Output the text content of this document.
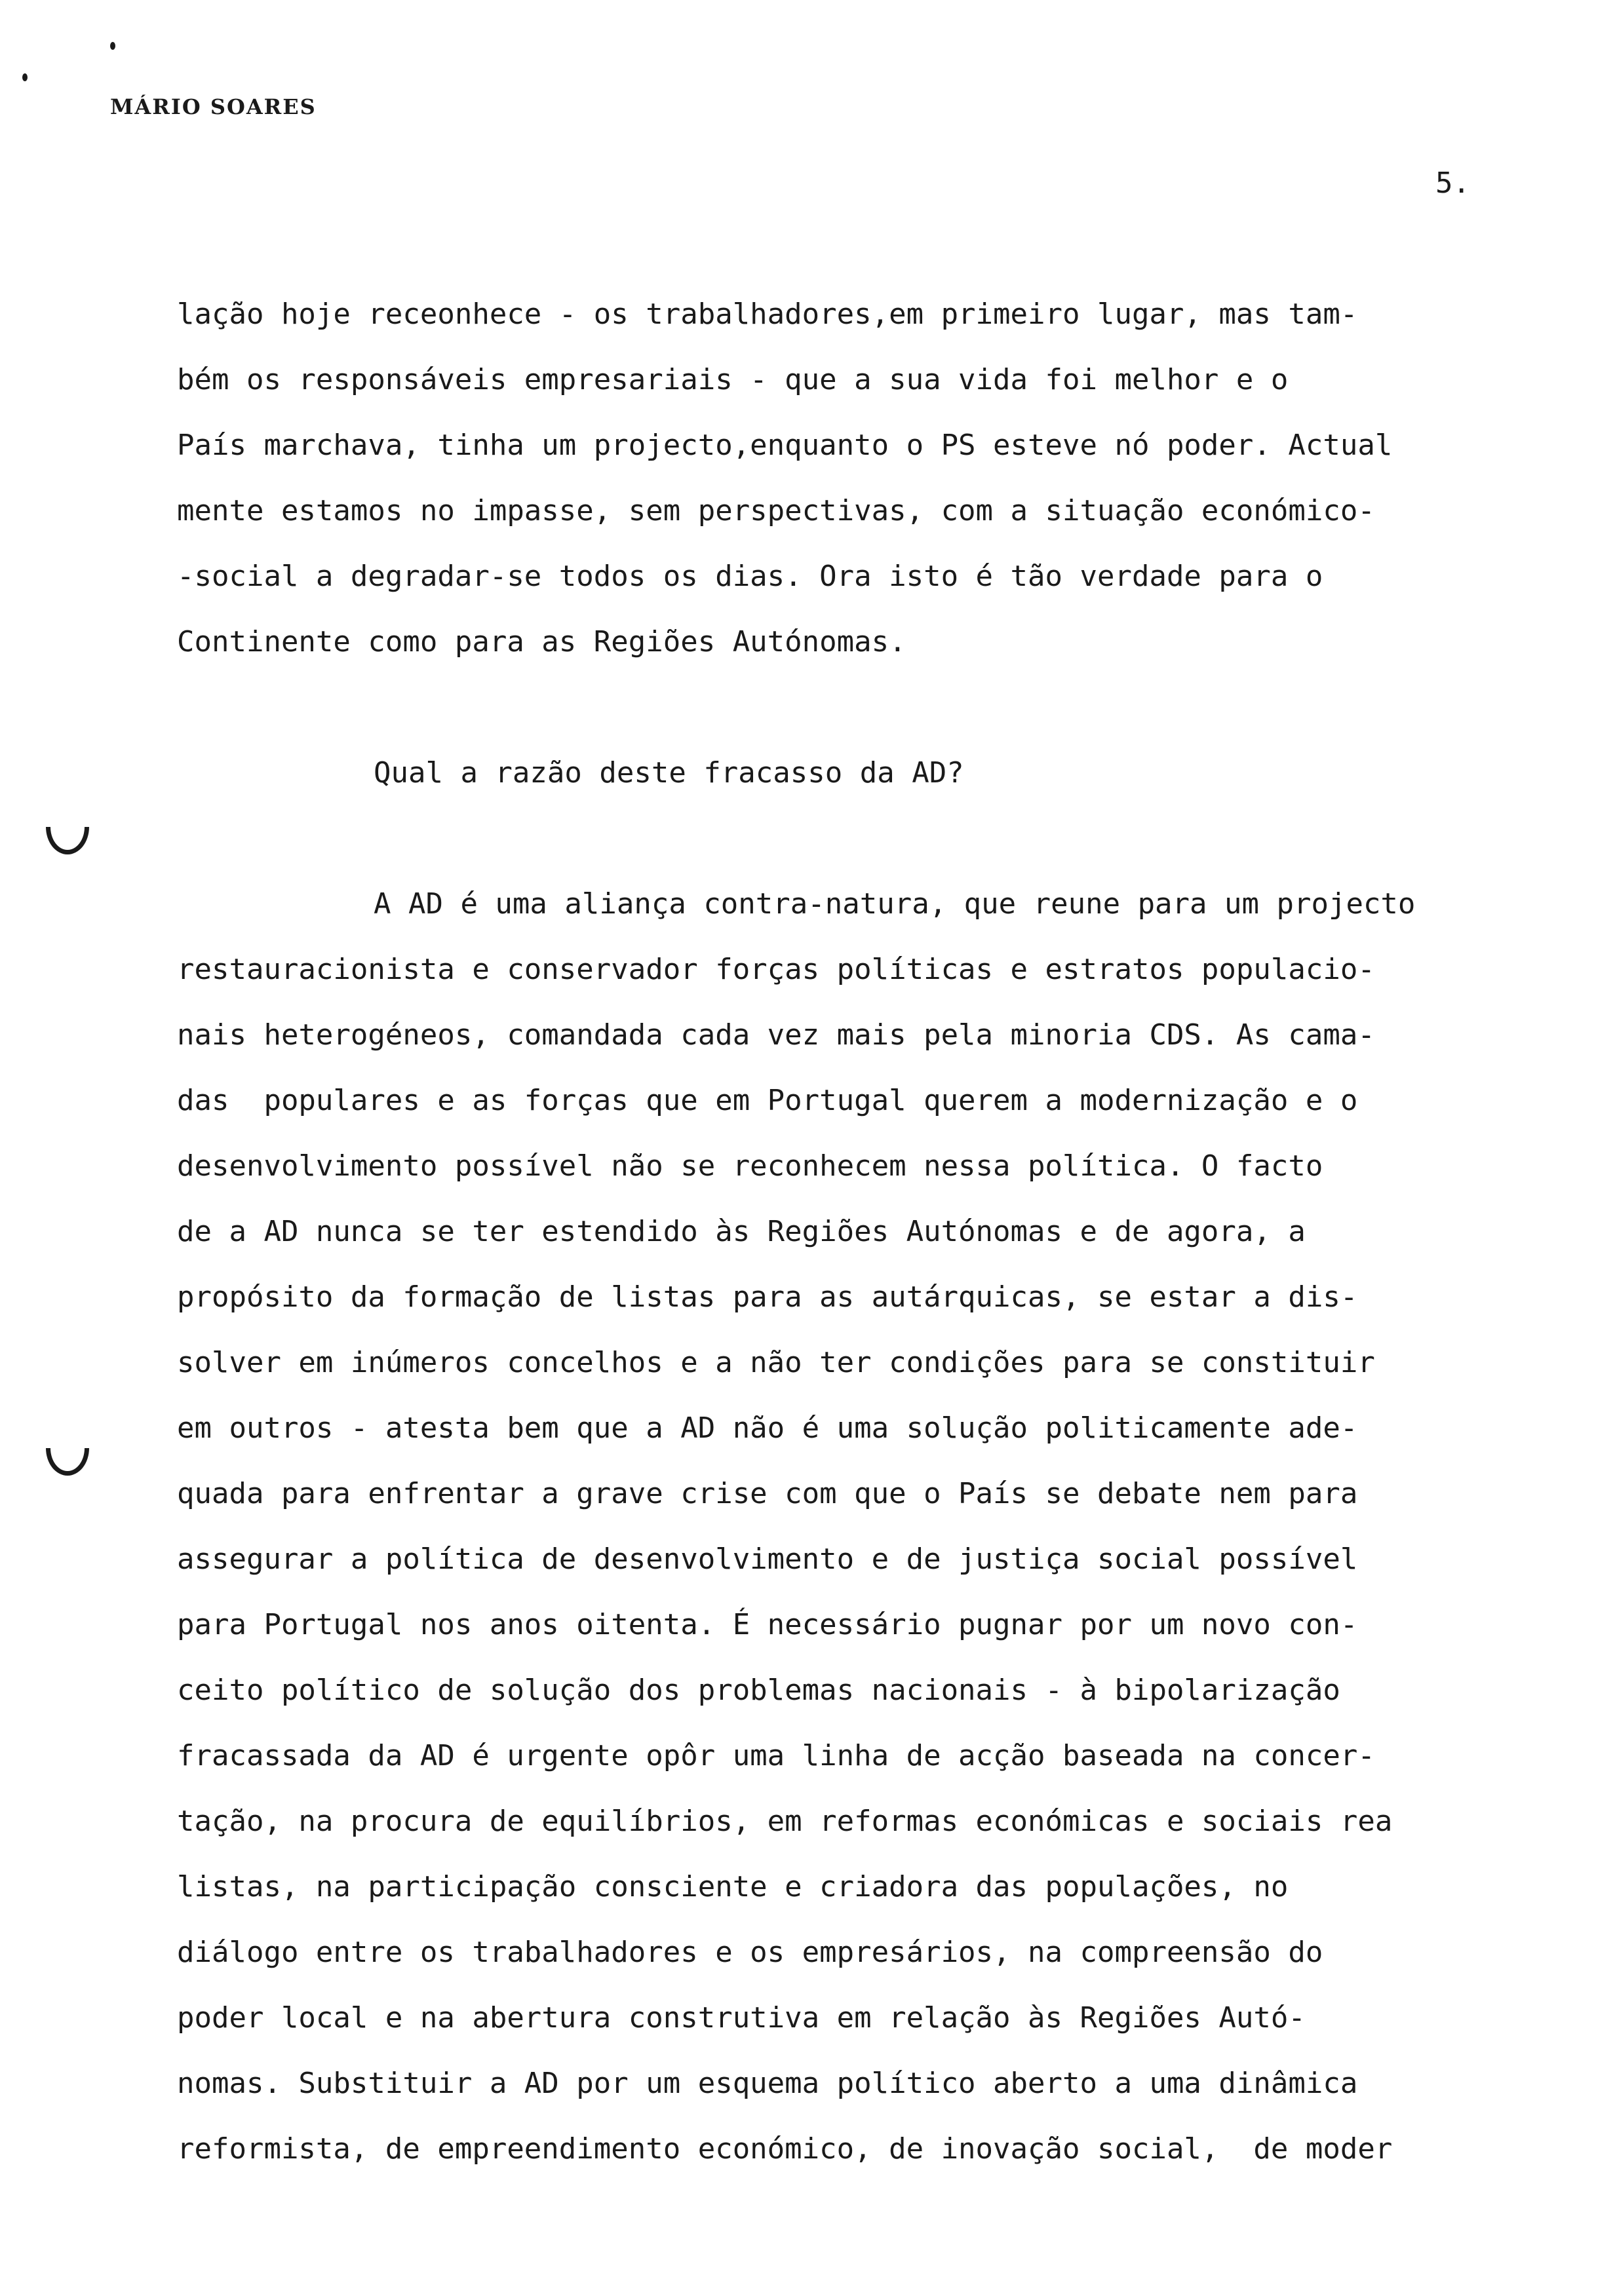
MÁRIO SOARES
5.
lação hoje receonhece - os trabalhadores,em primeiro lugar, mas tam-
bém os responsáveis empresariais - que a sua vida foi melhor e o
País marchava, tinha um projecto,enquanto o PS esteve nó poder. Actual
mente estamos no impasse, sem perspectivas, com a situação económico-
-social a degradar-se todos os dias. Ora isto é tão verdade para o
Continente como para as Regiões Autónomas.
Qual a razão deste fracasso da AD?
A AD é uma aliança contra-natura, que reune para um projecto
restauracionista e conservador forças políticas e estratos populacio-
nais heterogéneos, comandada cada vez mais pela minoria CDS. As cama-
das  populares e as forças que em Portugal querem a modernização e o
desenvolvimento possível não se reconhecem nessa política. O facto
de a AD nunca se ter estendido às Regiões Autónomas e de agora, a
propósito da formação de listas para as autárquicas, se estar a dis-
solver em inúmeros concelhos e a não ter condições para se constituir
em outros - atesta bem que a AD não é uma solução politicamente ade-
quada para enfrentar a grave crise com que o País se debate nem para
assegurar a política de desenvolvimento e de justiça social possível
para Portugal nos anos oitenta. É necessário pugnar por um novo con-
ceito político de solução dos problemas nacionais - à bipolarização
fracassada da AD é urgente opôr uma linha de acção baseada na concer-
tação, na procura de equilíbrios, em reformas económicas e sociais rea
listas, na participação consciente e criadora das populações, no
diálogo entre os trabalhadores e os empresários, na compreensão do
poder local e na abertura construtiva em relação às Regiões Autó-
nomas. Substituir a AD por um esquema político aberto a uma dinâmica
reformista, de empreendimento económico, de inovação social,  de moder
